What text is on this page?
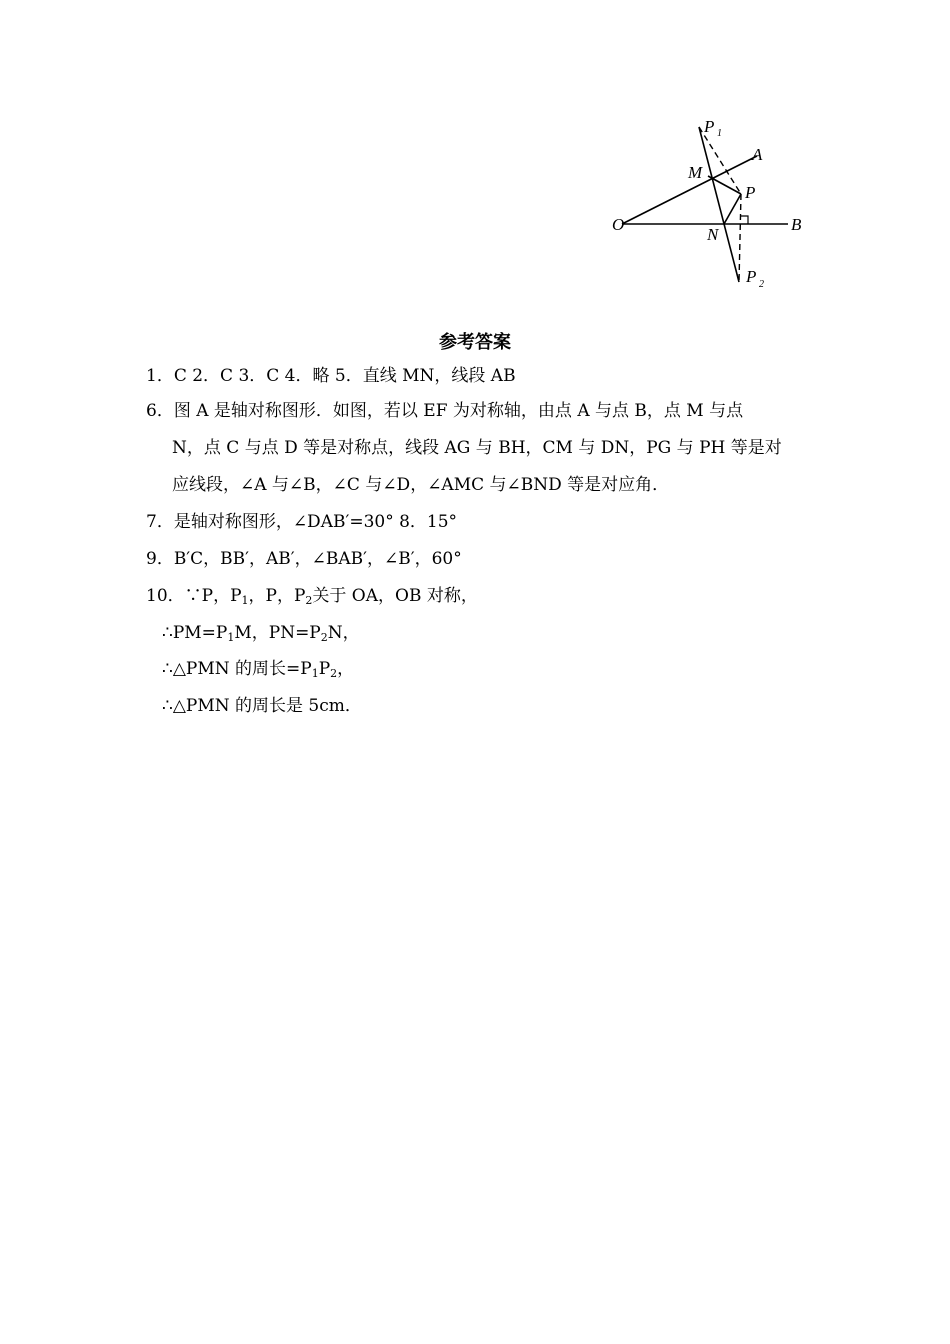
P 1
A
M
P
O
N
B
P 2
参考答案
1．C 2．C 3．C 4．略 5．直线 MN，线段 AB
6．图 A 是轴对称图形．如图，若以 EF 为对称轴，由点 A 与点 B，点 M 与点
N，点 C 与点 D 等是对称点，线段 AG 与 BH，CM 与 DN，PG 与 PH 等是对
应线段，∠A 与∠B，∠C 与∠D，∠AMC 与∠BND 等是对应角．
7．是轴对称图形，∠DAB′=30° 8．15°
9．B′C，BB′，AB′，∠BAB′，∠B′，60°
10．∵P，$P_1$，P，$P_2$关于 OA，OB 对称，
$\therefore PM=P_1M$，$PN=P_2N$，
∴△PMN 的周长$=P_1P_2$，
∴△PMN 的周长是 5cm．
